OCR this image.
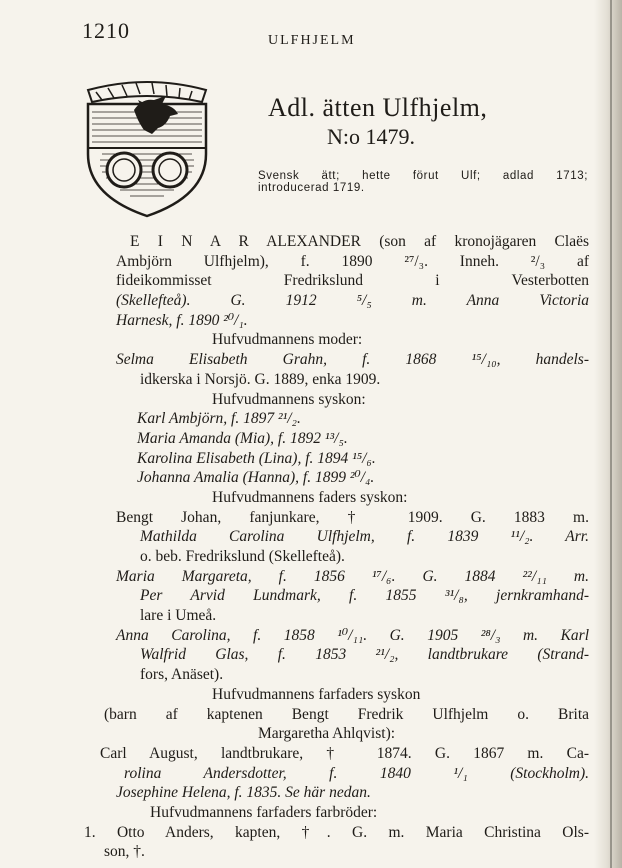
1210	ULFHJELM
Adl. ätten Ulfhjelm,
N:o 1479.
Svensk ätt; hette förut Ulf; adlad 1713;
introducerad 1719.
E I N A R ALEXANDER (son af kronojägaren Claës
Ambjörn Ulfhjelm), f. 1890 ²⁷/₃. Inneh. ²/₃ af
fideikommisset Fredrikslund i Vesterbotten
(Skellefteå). G. 1912 ⁵/₅ m. Anna Victoria
Harnesk, f. 1890 ²⁰/₁.
Hufvudmannens moder:
Selma Elisabeth Grahn, f. 1868 ¹⁵/₁₀, handels-
idkerska i Norsjö. G. 1889, enka 1909.
Hufvudmannens syskon:
Karl Ambjörn, f. 1897 ²¹/₂.
Maria Amanda (Mia), f. 1892 ¹³/₅.
Karolina Elisabeth (Lina), f. 1894 ¹⁵/₆.
Johanna Amalia (Hanna), f. 1899 ²⁰/₄.
Hufvudmannens faders syskon:
Bengt Johan, fanjunkare, † 1909. G. 1883 m.
Mathilda Carolina Ulfhjelm, f. 1839 ¹¹/₂. Arr.
o. beb. Fredrikslund (Skellefteå).
Maria Margareta, f. 1856 ¹⁷/₆. G. 1884 ²²/₁₁ m.
Per Arvid Lundmark, f. 1855 ³¹/₈, jernkramhand-
lare i Umeå.
Anna Carolina, f. 1858 ¹⁰/₁₁. G. 1905 ²⁸/₃ m. Karl
Walfrid Glas, f. 1853 ²¹/₂, landtbrukare (Strand-
fors, Anäset).
Hufvudmannens farfaders syskon
(barn af kaptenen Bengt Fredrik Ulfhjelm o. Brita
Margaretha Ahlqvist):
Carl August, landtbrukare, † 1874. G. 1867 m. Ca-
rolina Andersdotter, f. 1840 ¹/₁ (Stockholm).
Josephine Helena, f. 1835. Se här nedan.
Hufvudmannens farfaders farbröder:
1. Otto Anders, kapten, †. G. m. Maria Christina Ols-
son, †.
